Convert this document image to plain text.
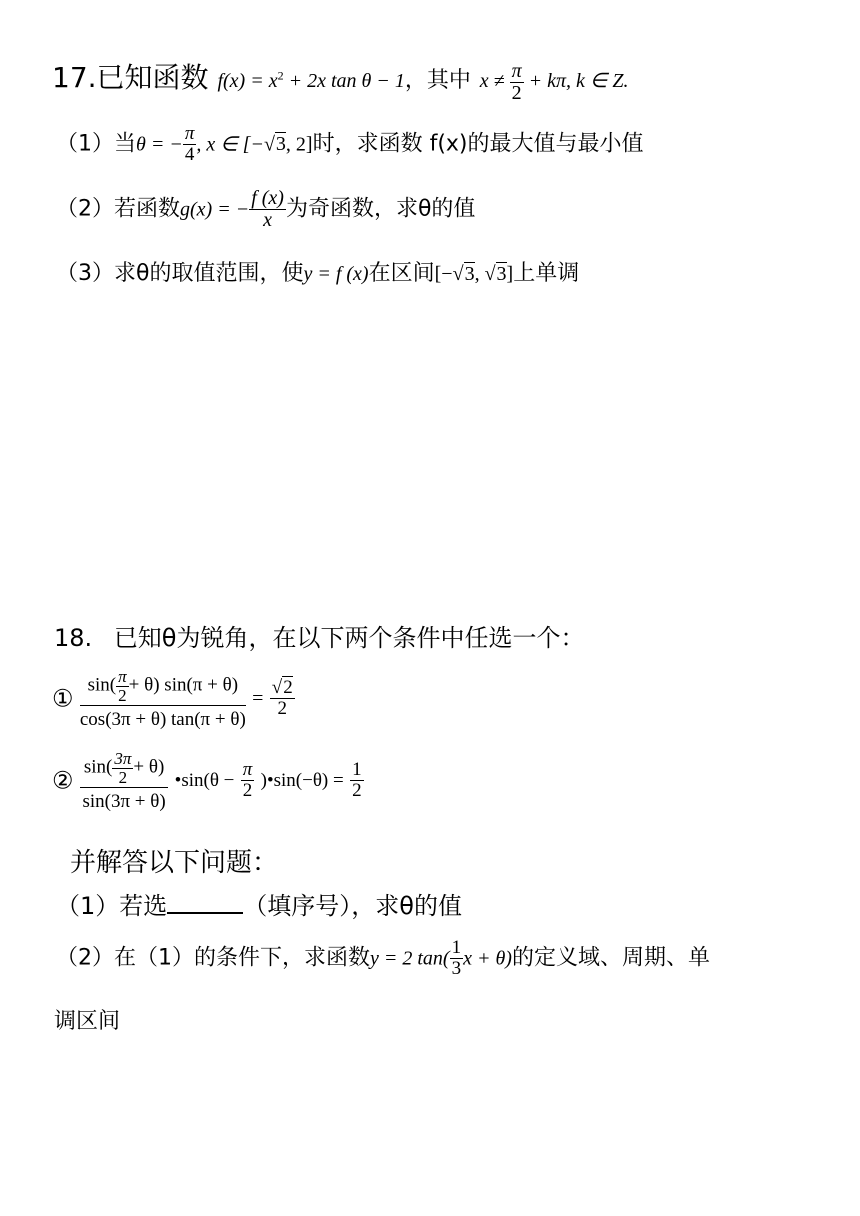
17.已知函数 $f(x) = x^2 + 2x$ tan θ − 1，其中 $x \ne \frac{\pi}{2} + k\pi$, k ∈ Z.
（1）当θ = − $\frac{\pi}{4}$ , x ∈ [−√3, 2]时，求函数 f(x)的最大值与最小值
（2）若函数g(x) = − $\frac{f (x)}{x}$ 为奇函数，求θ的值
（3）求θ的取值范围，使y = f (x)在区间[−√3, √3]上单调
18. 已知θ为锐角，在以下两个条件中任选一个：
① $\frac{\sin( \frac{\pi}{2} + \theta) \sin(\pi + \theta)}{\cos(3\pi + \theta) \tan(\pi + \theta)} = \frac{√2}{2}$
② $\frac{\sin( \frac{3\pi}{2} + \theta)}{\sin(3\pi + \theta)}$ •sin(θ − $\frac{\pi}{2}$ )•sin(−θ) = $\frac{1}{2}$
并解答以下问题：
（1）若选	（填序号），求θ的值
（2）在（1）的条件下，求函数y = 2 $\tan( \frac{1}{3}$ x + θ)的定义域、周期、单
调区间
